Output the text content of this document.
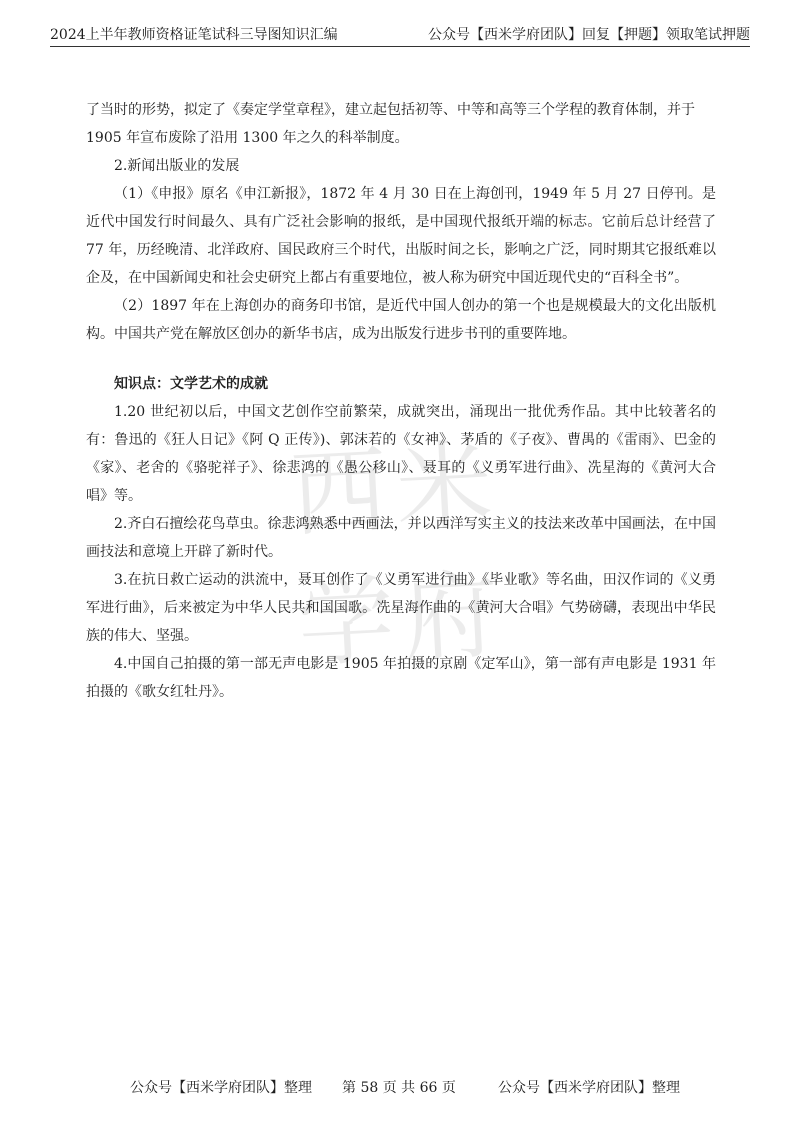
2024上半年教师资格证笔试科三导图知识汇编	公众号【西米学府团队】回复【押题】领取笔试押题
西 米
学 府

了当时的形势，拟定了《奏定学堂章程》，建立起包括初等、中等和高等三个学程的教育体制，并于
1905 年宣布废除了沿用 1300 年之久的科举制度。

2.新闻出版业的发展

（1）《申报》原名《申江新报》，1872 年 4 月 30 日在上海创刊，1949 年 5 月 27 日停刊。是近代中国发行时间最久、具有广泛社会影响的报纸，是中国现代报纸开端的标志。它前后总计经营了 77 年，历经晚清、北洋政府、国民政府三个时代，出版时间之长，影响之广泛，同时期其它报纸难以企及，在中国新闻史和社会史研究上都占有重要地位，被人称为研究中国近现代史的“百科全书”。

（2）1897 年在上海创办的商务印书馆，是近代中国人创办的第一个也是规模最大的文化出版机构。中国共产党在解放区创办的新华书店，成为出版发行进步书刊的重要阵地。

知识点：文学艺术的成就

1.20 世纪初以后，中国文艺创作空前繁荣，成就突出，涌现出一批优秀作品。其中比较著名的有：鲁迅的《狂人日记》《阿 Q 正传》)、郭沫若的《女神》、茅盾的《子夜》、曹禺的《雷雨》、巴金的《家》、老舍的《骆驼祥子》、徐悲鸿的《愚公移山》、聂耳的《义勇军进行曲》、冼星海的《黄河大合唱》等。

2.齐白石擅绘花鸟草虫。徐悲鸿熟悉中西画法，并以西洋写实主义的技法来改革中国画法，在中国画技法和意境上开辟了新时代。

3.在抗日救亡运动的洪流中，聂耳创作了《义勇军进行曲》《毕业歌》等名曲，田汉作词的《义勇军进行曲》，后来被定为中华人民共和国国歌。冼星海作曲的《黄河大合唱》气势磅礴，表现出中华民族的伟大、坚强。

4.中国自己拍摄的第一部无声电影是 1905 年拍摄的京剧《定军山》，第一部有声电影是 1931 年拍摄的《歌女红牡丹》。

公众号【西米学府团队】整理 第 58 页 共 66 页	公众号【西米学府团队】整理
